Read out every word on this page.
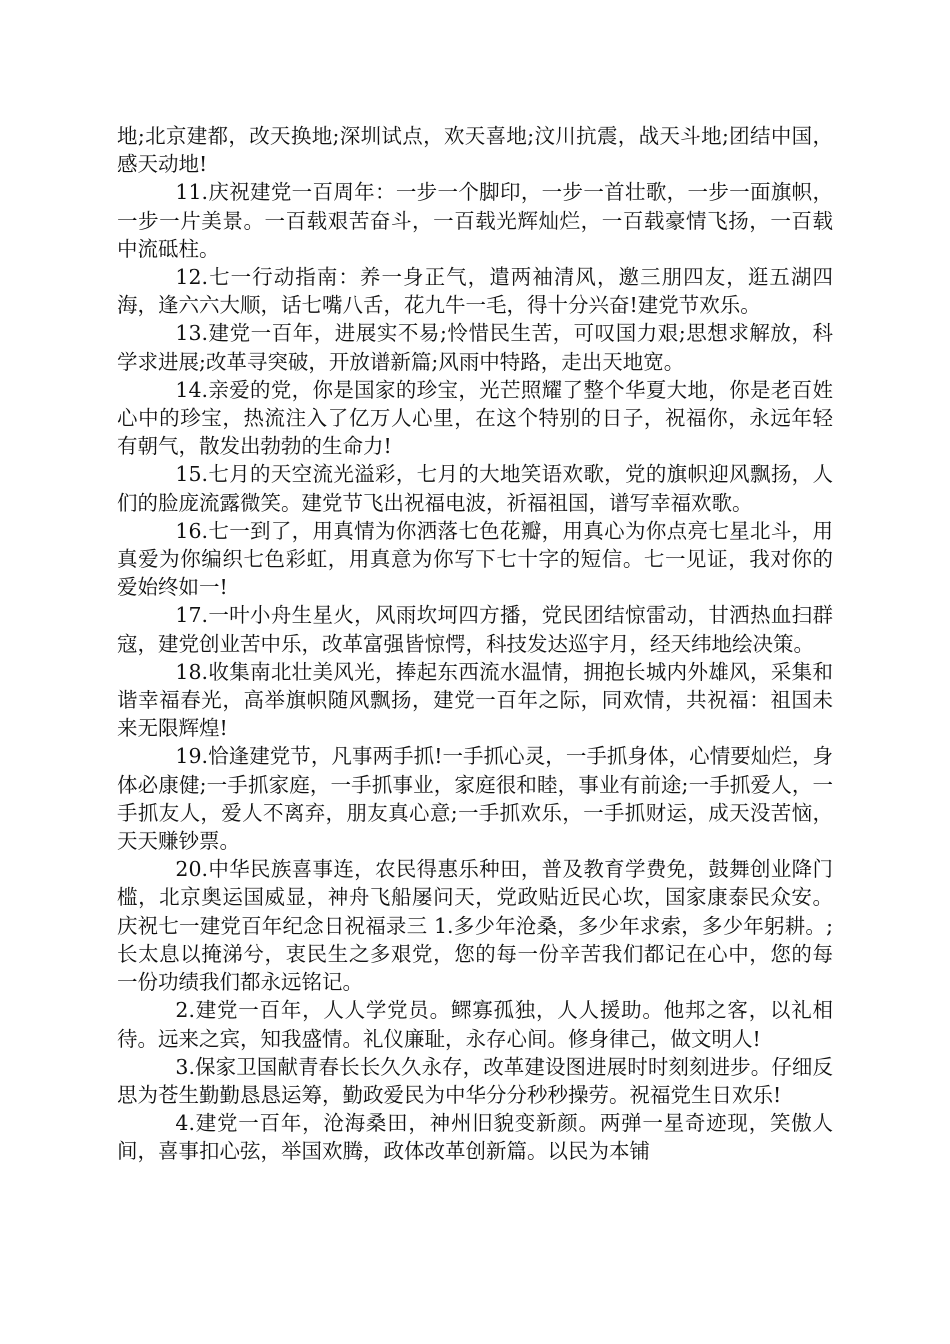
地;北京建都，改天换地;深圳试点，欢天喜地;汶川抗震，战天斗地;团结中国，感天动地!

11.庆祝建党一百周年：一步一个脚印，一步一首壮歌，一步一面旗帜，一步一片美景。一百载艰苦奋斗，一百载光辉灿烂，一百载豪情飞扬，一百载中流砥柱。

12.七一行动指南：养一身正气，遣两袖清风，邀三朋四友，逛五湖四海，逢六六大顺，话七嘴八舌，花九牛一毛，得十分兴奋!建党节欢乐。

13.建党一百年，进展实不易;怜惜民生苦，可叹国力艰;思想求解放，科学求进展;改革寻突破，开放谱新篇;风雨中特路，走出天地宽。

14.亲爱的党，你是国家的珍宝，光芒照耀了整个华夏大地，你是老百姓心中的珍宝，热流注入了亿万人心里，在这个特别的日子，祝福你，永远年轻有朝气，散发出勃勃的生命力!

15.七月的天空流光溢彩，七月的大地笑语欢歌，党的旗帜迎风飘扬，人们的脸庞流露微笑。建党节飞出祝福电波，祈福祖国，谱写幸福欢歌。

16.七一到了，用真情为你洒落七色花瓣，用真心为你点亮七星北斗，用真爱为你编织七色彩虹，用真意为你写下七十字的短信。七一见证，我对你的爱始终如一!

17.一叶小舟生星火，风雨坎坷四方播，党民团结惊雷动，甘洒热血扫群寇，建党创业苦中乐，改革富强皆惊愕，科技发达巡宇月，经天纬地绘决策。

18.收集南北壮美风光，捧起东西流水温情，拥抱长城内外雄风，采集和谐幸福春光，高举旗帜随风飘扬，建党一百年之际，同欢情，共祝福：祖国未来无限辉煌!

19.恰逢建党节，凡事两手抓!一手抓心灵，一手抓身体，心情要灿烂，身体必康健;一手抓家庭，一手抓事业，家庭很和睦，事业有前途;一手抓爱人，一手抓友人，爱人不离弃，朋友真心意;一手抓欢乐，一手抓财运，成天没苦恼，天天赚钞票。

20.中华民族喜事连，农民得惠乐种田，普及教育学费免，鼓舞创业降门槛，北京奥运国威显，神舟飞船屡问天，党政贴近民心坎，国家康泰民众安。庆祝七一建党百年纪念日祝福录三 1.多少年沧桑，多少年求索，多少年躬耕。;长太息以掩涕兮，衷民生之多艰党，您的每一份辛苦我们都记在心中，您的每一份功绩我们都永远铭记。

2.建党一百年，人人学党员。鳏寡孤独，人人援助。他邦之客，以礼相待。远来之宾，知我盛情。礼仪廉耻，永存心间。修身律己，做文明人!

3.保家卫国献青春长长久久永存，改革建设图进展时时刻刻进步。仔细反思为苍生勤勤恳恳运筹，勤政爱民为中华分分秒秒操劳。祝福党生日欢乐!

4.建党一百年，沧海桑田，神州旧貌变新颜。两弹一星奇迹现，笑傲人间，喜事扣心弦，举国欢腾，政体改革创新篇。以民为本铺
